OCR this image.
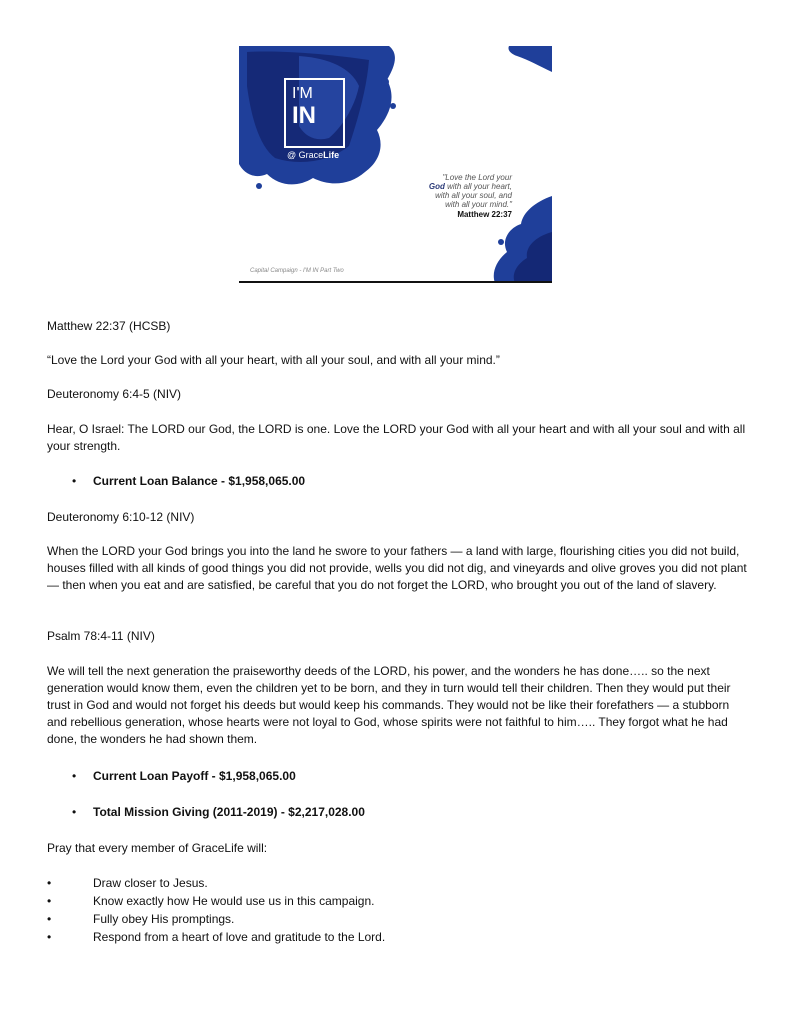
I'M
IN
@ GraceLife
"Love the Lord your
God with all your heart,
with all your soul, and
with all your mind."
Matthew 22:37
Capital Campaign - I'M IN Part Two

Matthew 22:37 (HCSB)

“Love the Lord your God with all your heart, with all your soul, and with all your mind.”

Deuteronomy 6:4-5 (NIV)

Hear, O Israel: The LORD our God, the LORD is one. Love the LORD your God with all your heart and with all your soul and with all your strength.

• Current Loan Balance - $1,958,065.00

Deuteronomy 6:10-12 (NIV)

When the LORD your God brings you into the land he swore to your fathers — a land with large, flourishing cities you did not build, houses filled with all kinds of good things you did not provide, wells you did not dig, and vineyards and olive groves you did not plant — then when you eat and are satisfied, be careful that you do not forget the LORD, who brought you out of the land of slavery.

Psalm 78:4-11 (NIV)

We will tell the next generation the praiseworthy deeds of the LORD, his power, and the wonders he has done….. so the next generation would know them, even the children yet to be born, and they in turn would tell their children. Then they would put their trust in God and would not forget his deeds but would keep his commands. They would not be like their forefathers — a stubborn and rebellious generation, whose hearts were not loyal to God, whose spirits were not faithful to him….. They forgot what he had done, the wonders he had shown them.

• Current Loan Payoff - $1,958,065.00
• Total Mission Giving (2011-2019) - $2,217,028.00

Pray that every member of GraceLife will:

•	Draw closer to Jesus.
•	Know exactly how He would use us in this campaign.
•	Fully obey His promptings.
•	Respond from a heart of love and gratitude to the Lord.
